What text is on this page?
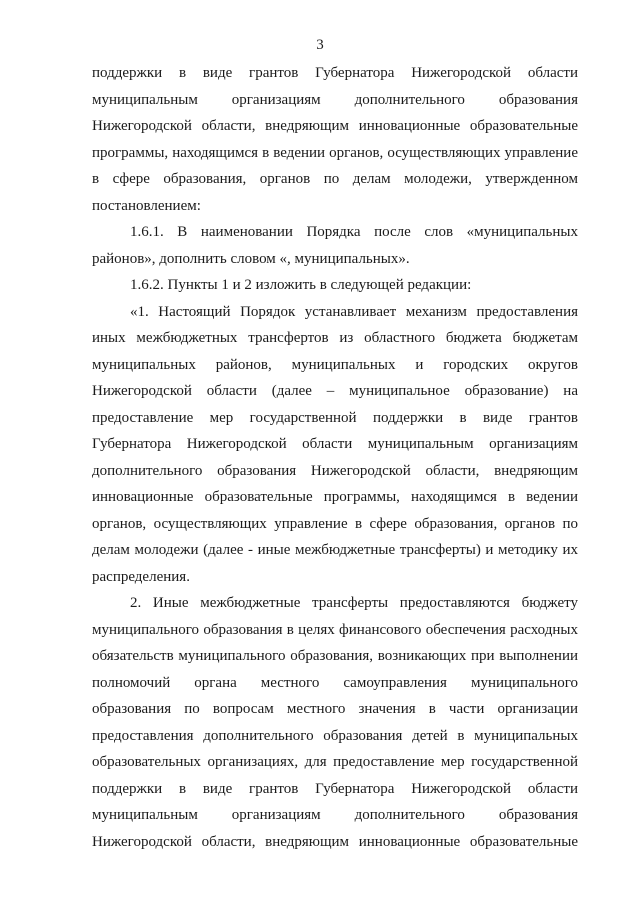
3
поддержки в виде грантов Губернатора Нижегородской области
муниципальным организациям дополнительного образования
Нижегородской области, внедряющим инновационные образовательные
программы, находящимся в ведении органов, осуществляющих управление
в сфере образования, органов по делам молодежи, утвержденном
постановлением:
1.6.1. В наименовании Порядка после слов «муниципальных
районов», дополнить словом «, муниципальных».
1.6.2. Пункты 1 и 2 изложить в следующей редакции:
«1. Настоящий Порядок устанавливает механизм предоставления
иных межбюджетных трансфертов из областного бюджета бюджетам
муниципальных районов, муниципальных и городских округов
Нижегородской области (далее – муниципальное образование) на
предоставление мер государственной поддержки в виде грантов
Губернатора Нижегородской области муниципальным организациям
дополнительного образования Нижегородской области, внедряющим
инновационные образовательные программы, находящимся в ведении
органов, осуществляющих управление в сфере образования, органов по
делам молодежи (далее - иные межбюджетные трансферты) и методику их
распределения.
2. Иные межбюджетные трансферты предоставляются бюджету
муниципального образования в целях финансового обеспечения расходных
обязательств муниципального образования, возникающих при выполнении
полномочий органа местного самоуправления муниципального
образования по вопросам местного значения в части организации
предоставления дополнительного образования детей в муниципальных
образовательных организациях, для предоставление мер государственной
поддержки в виде грантов Губернатора Нижегородской области
муниципальным организациям дополнительного образования
Нижегородской области, внедряющим инновационные образовательные
